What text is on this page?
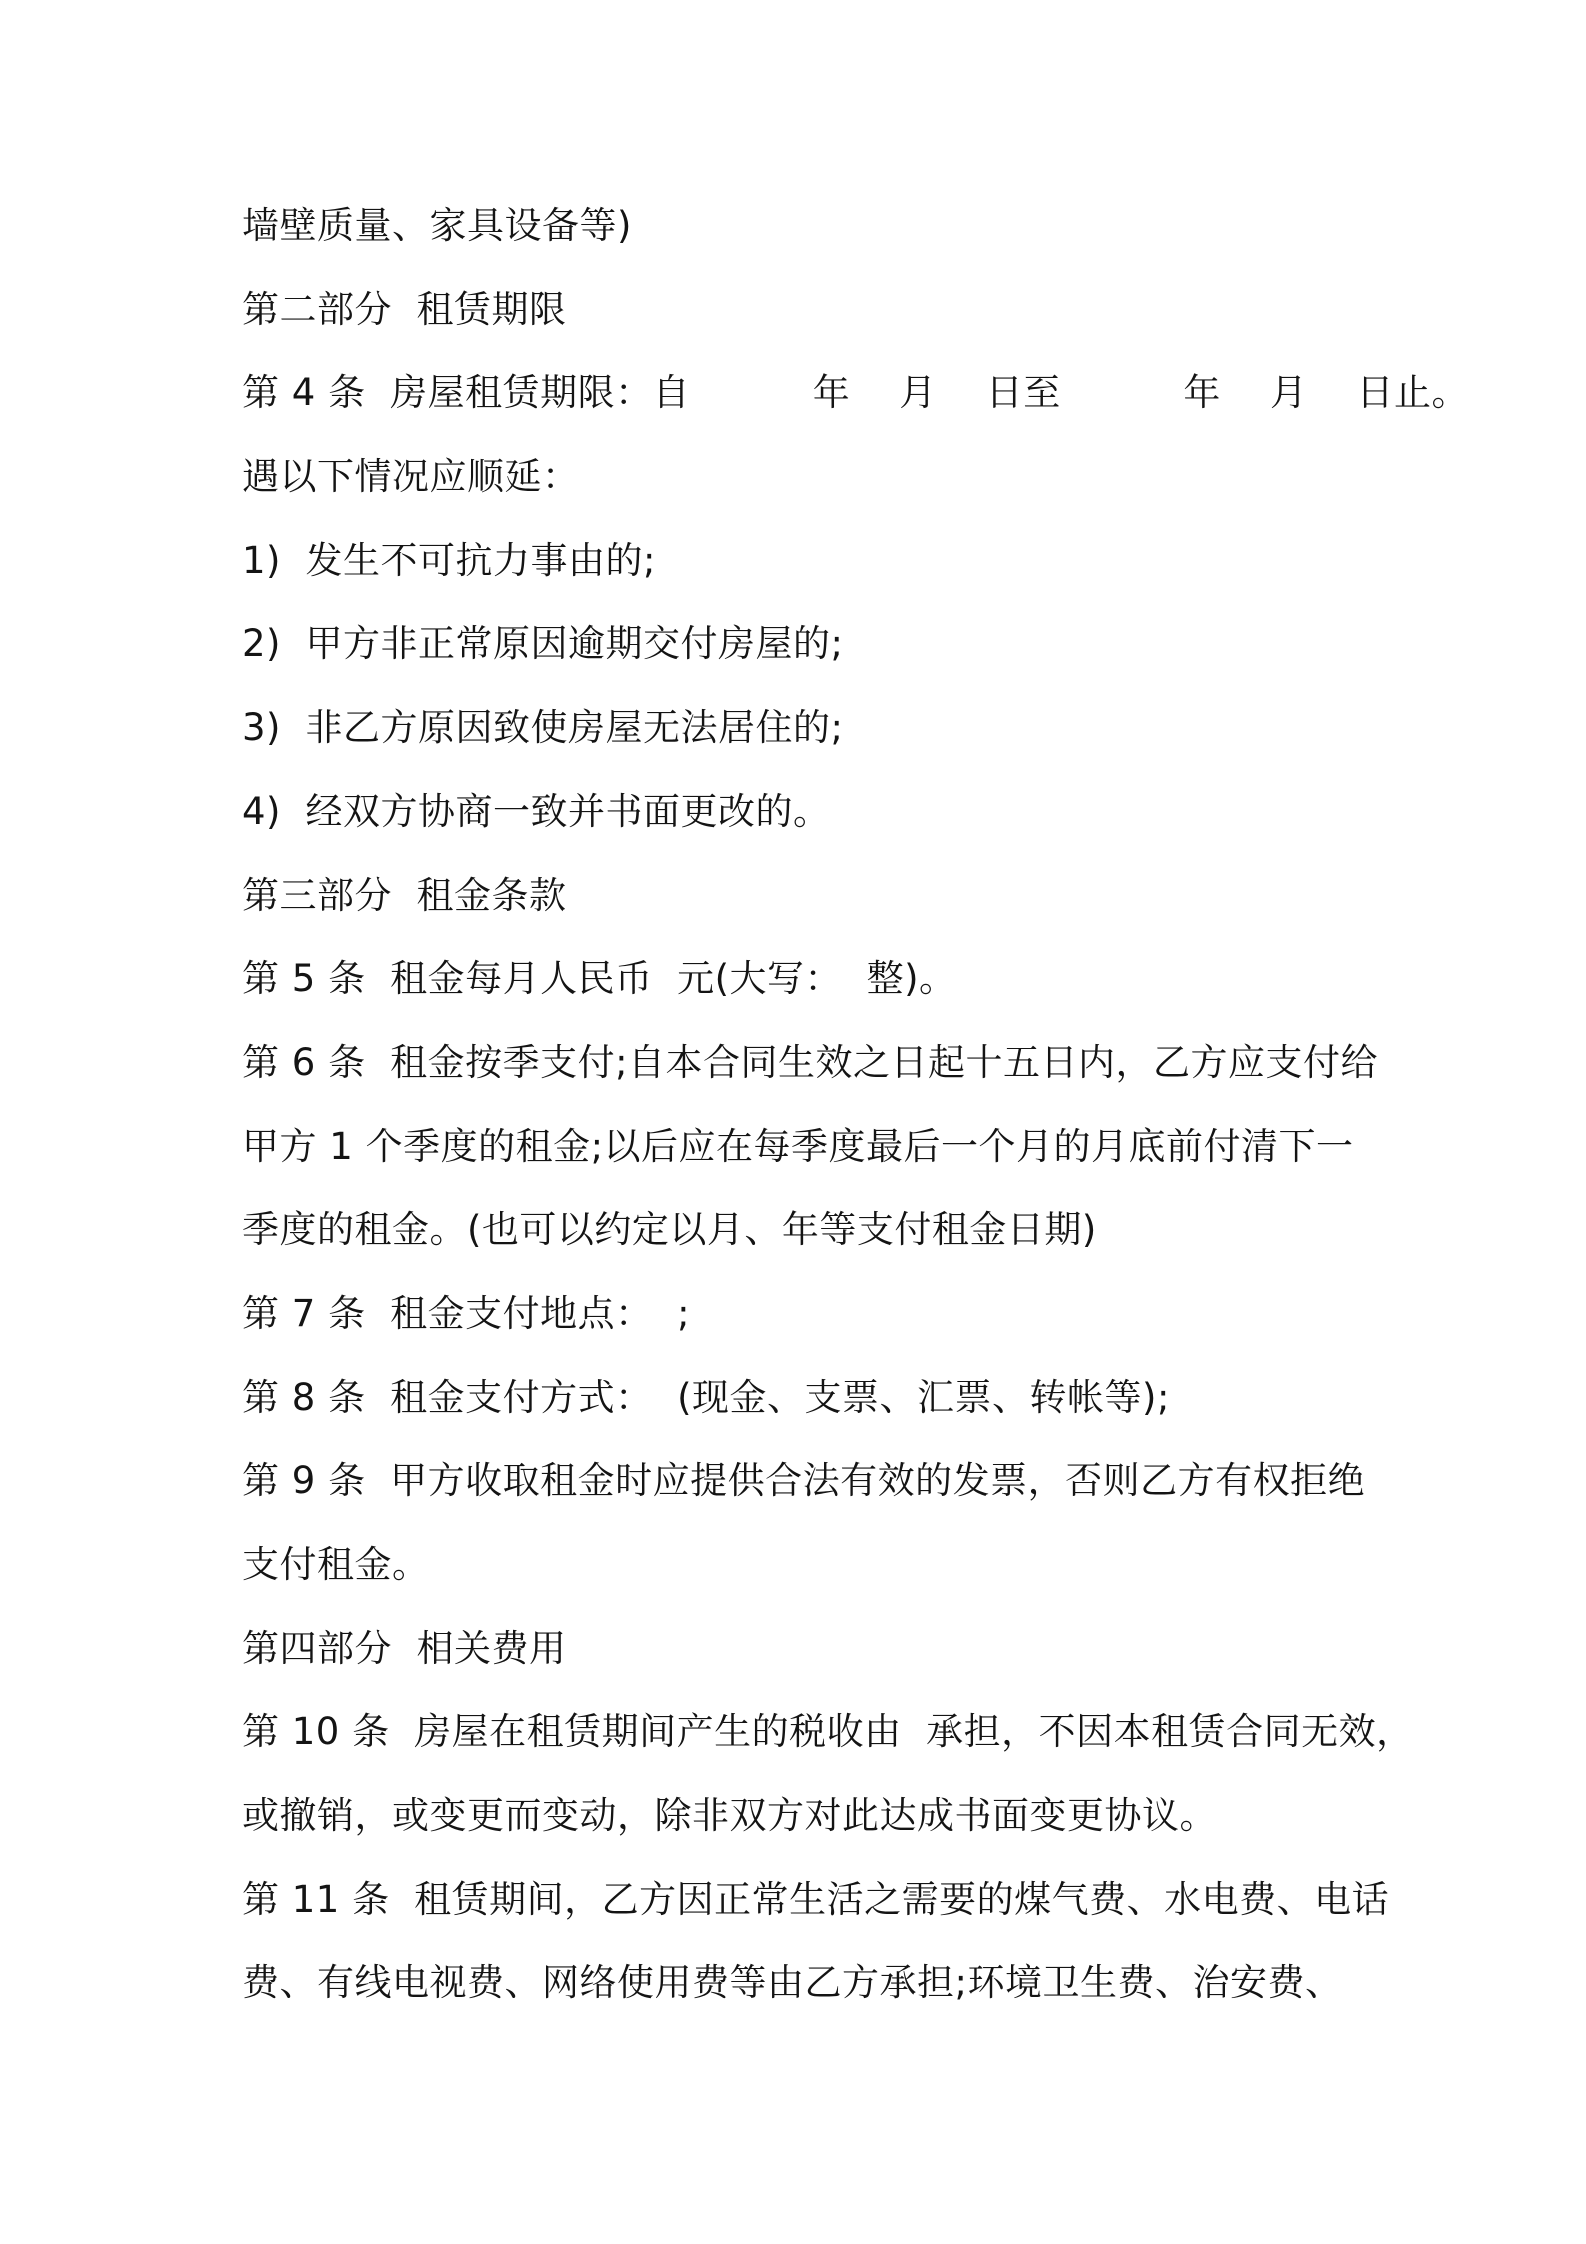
墙壁质量、家具设备等)
第二部分  租赁期限
第 4 条  房屋租赁期限：自          年    月    日至          年    月    日止。
遇以下情况应顺延：
1)  发生不可抗力事由的;
2)  甲方非正常原因逾期交付房屋的;
3)  非乙方原因致使房屋无法居住的;
4)  经双方协商一致并书面更改的。
第三部分  租金条款
第 5 条  租金每月人民币  元(大写：  整)。
第 6 条  租金按季支付;自本合同生效之日起十五日内，乙方应支付给
甲方 1 个季度的租金;以后应在每季度最后一个月的月底前付清下一
季度的租金。(也可以约定以月、年等支付租金日期)
第 7 条  租金支付地点：  ;
第 8 条  租金支付方式：  (现金、支票、汇票、转帐等);
第 9 条  甲方收取租金时应提供合法有效的发票，否则乙方有权拒绝
支付租金。
第四部分  相关费用
第 10 条  房屋在租赁期间产生的税收由  承担，不因本租赁合同无效，
或撤销，或变更而变动，除非双方对此达成书面变更协议。
第 11 条  租赁期间，乙方因正常生活之需要的煤气费、水电费、电话
费、有线电视费、网络使用费等由乙方承担;环境卫生费、治安费、
